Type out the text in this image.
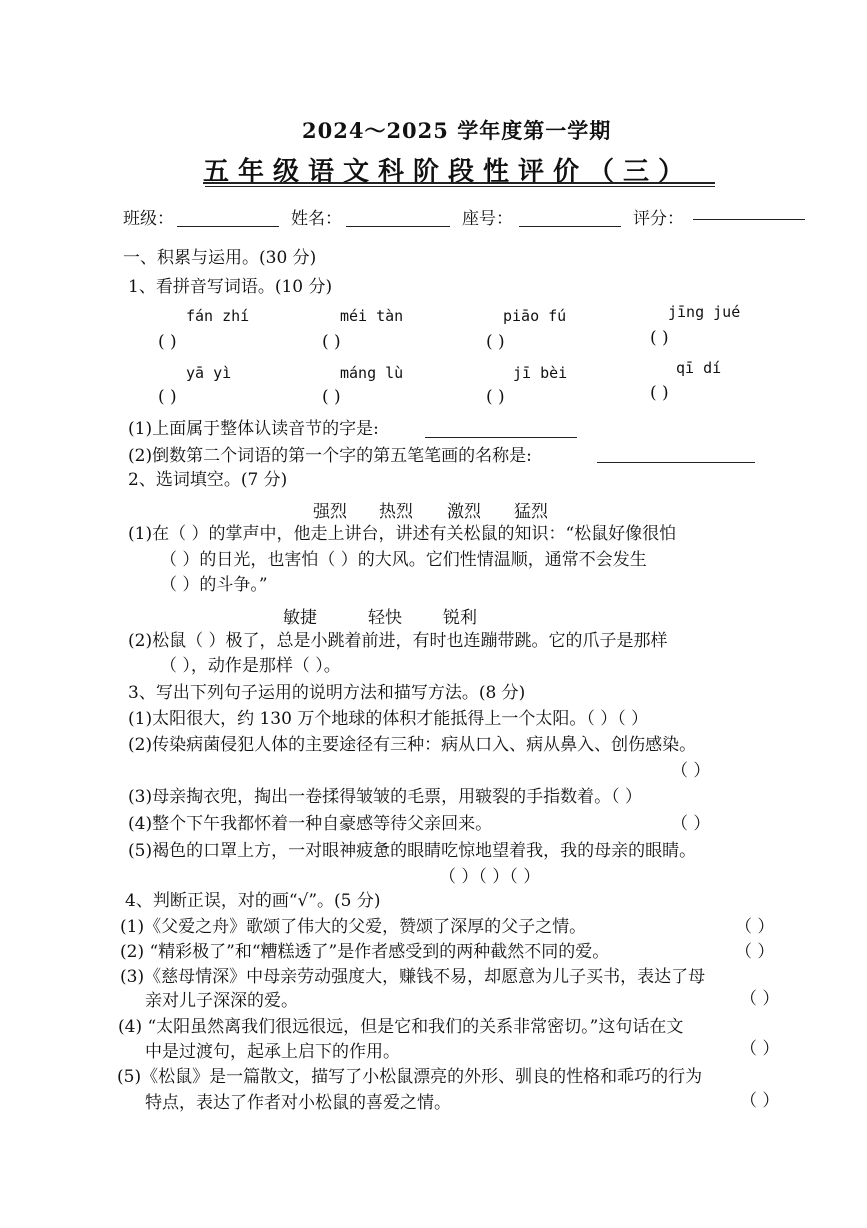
2024～2025 学年度第一学期
五年级语文科阶段性评价（三）
班级：	姓名：	座号：	评分：
一、积累与运用。(30 分)
1、看拼音写词语。(10 分)
fán zhí	méi tàn	piāo fú	jīng jué
( )	( )	( )	( )
yā yì	máng lù	jī bèi	qī dí
( )	( )	( )	( )
(1)上面属于整体认读音节的字是:
(2)倒数第二个词语的第一个字的第五笔笔画的名称是:
2、选词填空。(7 分)
强烈 热烈 激烈 猛烈
(1)在（ ）的掌声中，他走上讲台，讲述有关松鼠的知识：“松鼠好像很怕
（ ）的日光，也害怕（ ）的大风。它们性情温顺，通常不会发生
（ ）的斗争。”
敏捷	轻快 锐利
(2)松鼠（ ）极了，总是小跳着前进，有时也连蹦带跳。它的爪子是那样
（ ），动作是那样（ ）。
3、写出下列句子运用的说明方法和描写方法。(8 分)
(1)太阳很大，约 130 万个地球的体积才能抵得上一个太阳。（ ）（ ）
(2)传染病菌侵犯人体的主要途径有三种：病从口入、病从鼻入、创伤感染。
（ ）
(3)母亲掏衣兜，掏出一卷揉得皱皱的毛票，用皲裂的手指数着。（ ）
(4)整个下午我都怀着一种自豪感等待父亲回来。	（ ）
(5)褐色的口罩上方，一对眼神疲惫的眼睛吃惊地望着我，我的母亲的眼睛。
（ ）（ ）（ ）
4、判断正误，对的画“√”。(5 分)
(1)《父爱之舟》歌颂了伟大的父爱，赞颂了深厚的父子之情。	（ ）
(2) “精彩极了”和“糟糕透了”是作者感受到的两种截然不同的爱。	（ ）
(3)《慈母情深》中母亲劳动强度大，赚钱不易，却愿意为儿子买书，表达了母
亲对儿子深深的爱。	（ ）
(4) “太阳虽然离我们很远很远，但是它和我们的关系非常密切。”这句话在文
中是过渡句，起承上启下的作用。	（ ）
(5)《松鼠》是一篇散文，描写了小松鼠漂亮的外形、驯良的性格和乖巧的行为
特点，表达了作者对小松鼠的喜爱之情。	（ ）
